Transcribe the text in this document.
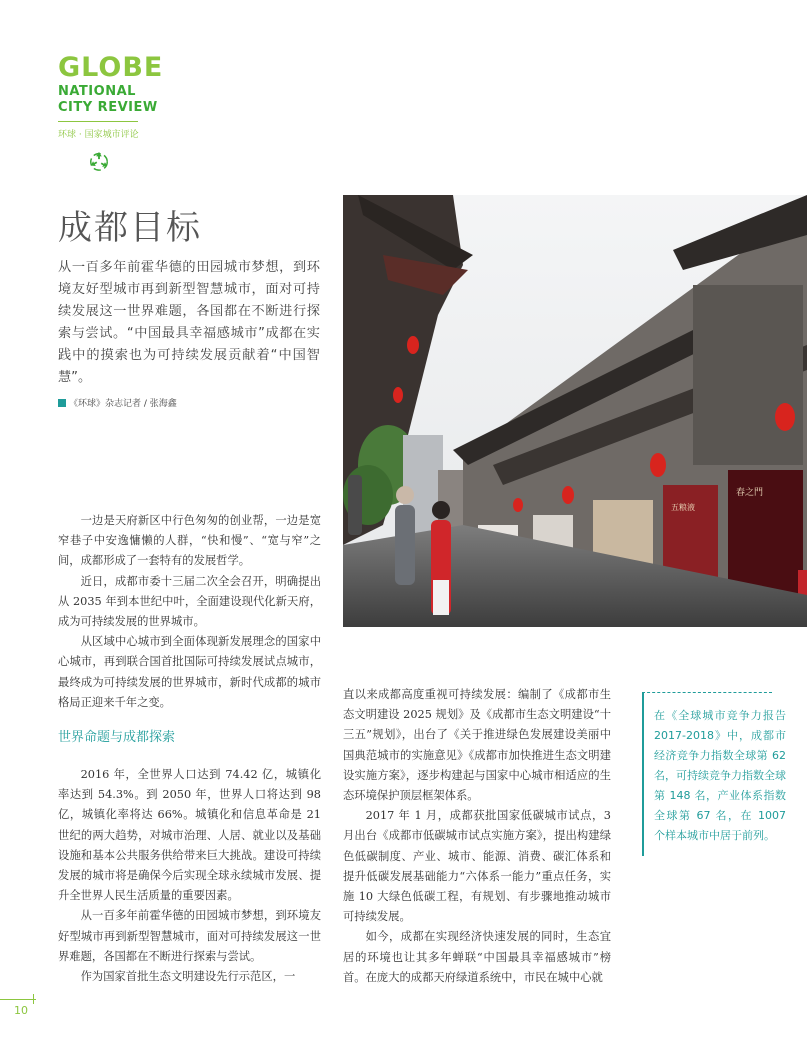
GLOBE
NATIONAL
CITY REVIEW
环球 · 国家城市评论
成都目标
从一百多年前霍华德的田园城市梦想，到环境友好型城市再到新型智慧城市，面对可持续发展这一世界难题，各国都在不断进行探索与尝试。“中国最具幸福感城市”成都在实践中的摸索也为可持续发展贡献着“中国智慧”。
《环球》杂志记者 / 张海鑫
春之門
五粮液

一边是天府新区中行色匆匆的创业帮，一边是宽窄巷子中安逸慵懒的人群，“快和慢”、“宽与窄”之间，成都形成了一套特有的发展哲学。

近日，成都市委十三届二次全会召开，明确提出从 2035 年到本世纪中叶，全面建设现代化新天府，成为可持续发展的世界城市。

从区域中心城市到全面体现新发展理念的国家中心城市，再到联合国首批国际可持续发展试点城市，最终成为可持续发展的世界城市，新时代成都的城市格局正迎来千年之变。

世界命题与成都探索

2016 年，全世界人口达到 74.42 亿，城镇化率达到 54.3%。到 2050 年，世界人口将达到 98 亿，城镇化率将达 66%。城镇化和信息革命是 21 世纪的两大趋势，对城市治理、人居、就业以及基础设施和基本公共服务供给带来巨大挑战。建设可持续发展的城市将是确保今后实现全球永续城市发展、提升全世界人民生活质量的重要因素。

从一百多年前霍华德的田园城市梦想，到环境友好型城市再到新型智慧城市，面对可持续发展这一世界难题，各国都在不断进行探索与尝试。

作为国家首批生态文明建设先行示范区，一

直以来成都高度重视可持续发展：编制了《成都市生态文明建设 2025 规划》及《成都市生态文明建设“十三五”规划》，出台了《关于推进绿色发展建设美丽中国典范城市的实施意见》《成都市加快推进生态文明建设实施方案》，逐步构建起与国家中心城市相适应的生态环境保护顶层框架体系。

2017 年 1 月，成都获批国家低碳城市试点，3 月出台《成都市低碳城市试点实施方案》，提出构建绿色低碳制度、产业、城市、能源、消费、碳汇体系和提升低碳发展基础能力“六体系一能力”重点任务，实施 10 大绿色低碳工程，有规划、有步骤地推动城市可持续发展。

如今，成都在实现经济快速发展的同时，生态宜居的环境也让其多年蝉联“中国最具幸福感城市”榜首。在庞大的成都天府绿道系统中，市民在城中心就

在《全球城市竞争力报告 2017-2018》中，成都市经济竞争力指数全球第 62 名，可持续竞争力指数全球第 148 名，产业体系指数全球第 67 名，在 1007 个样本城市中居于前列。
10
